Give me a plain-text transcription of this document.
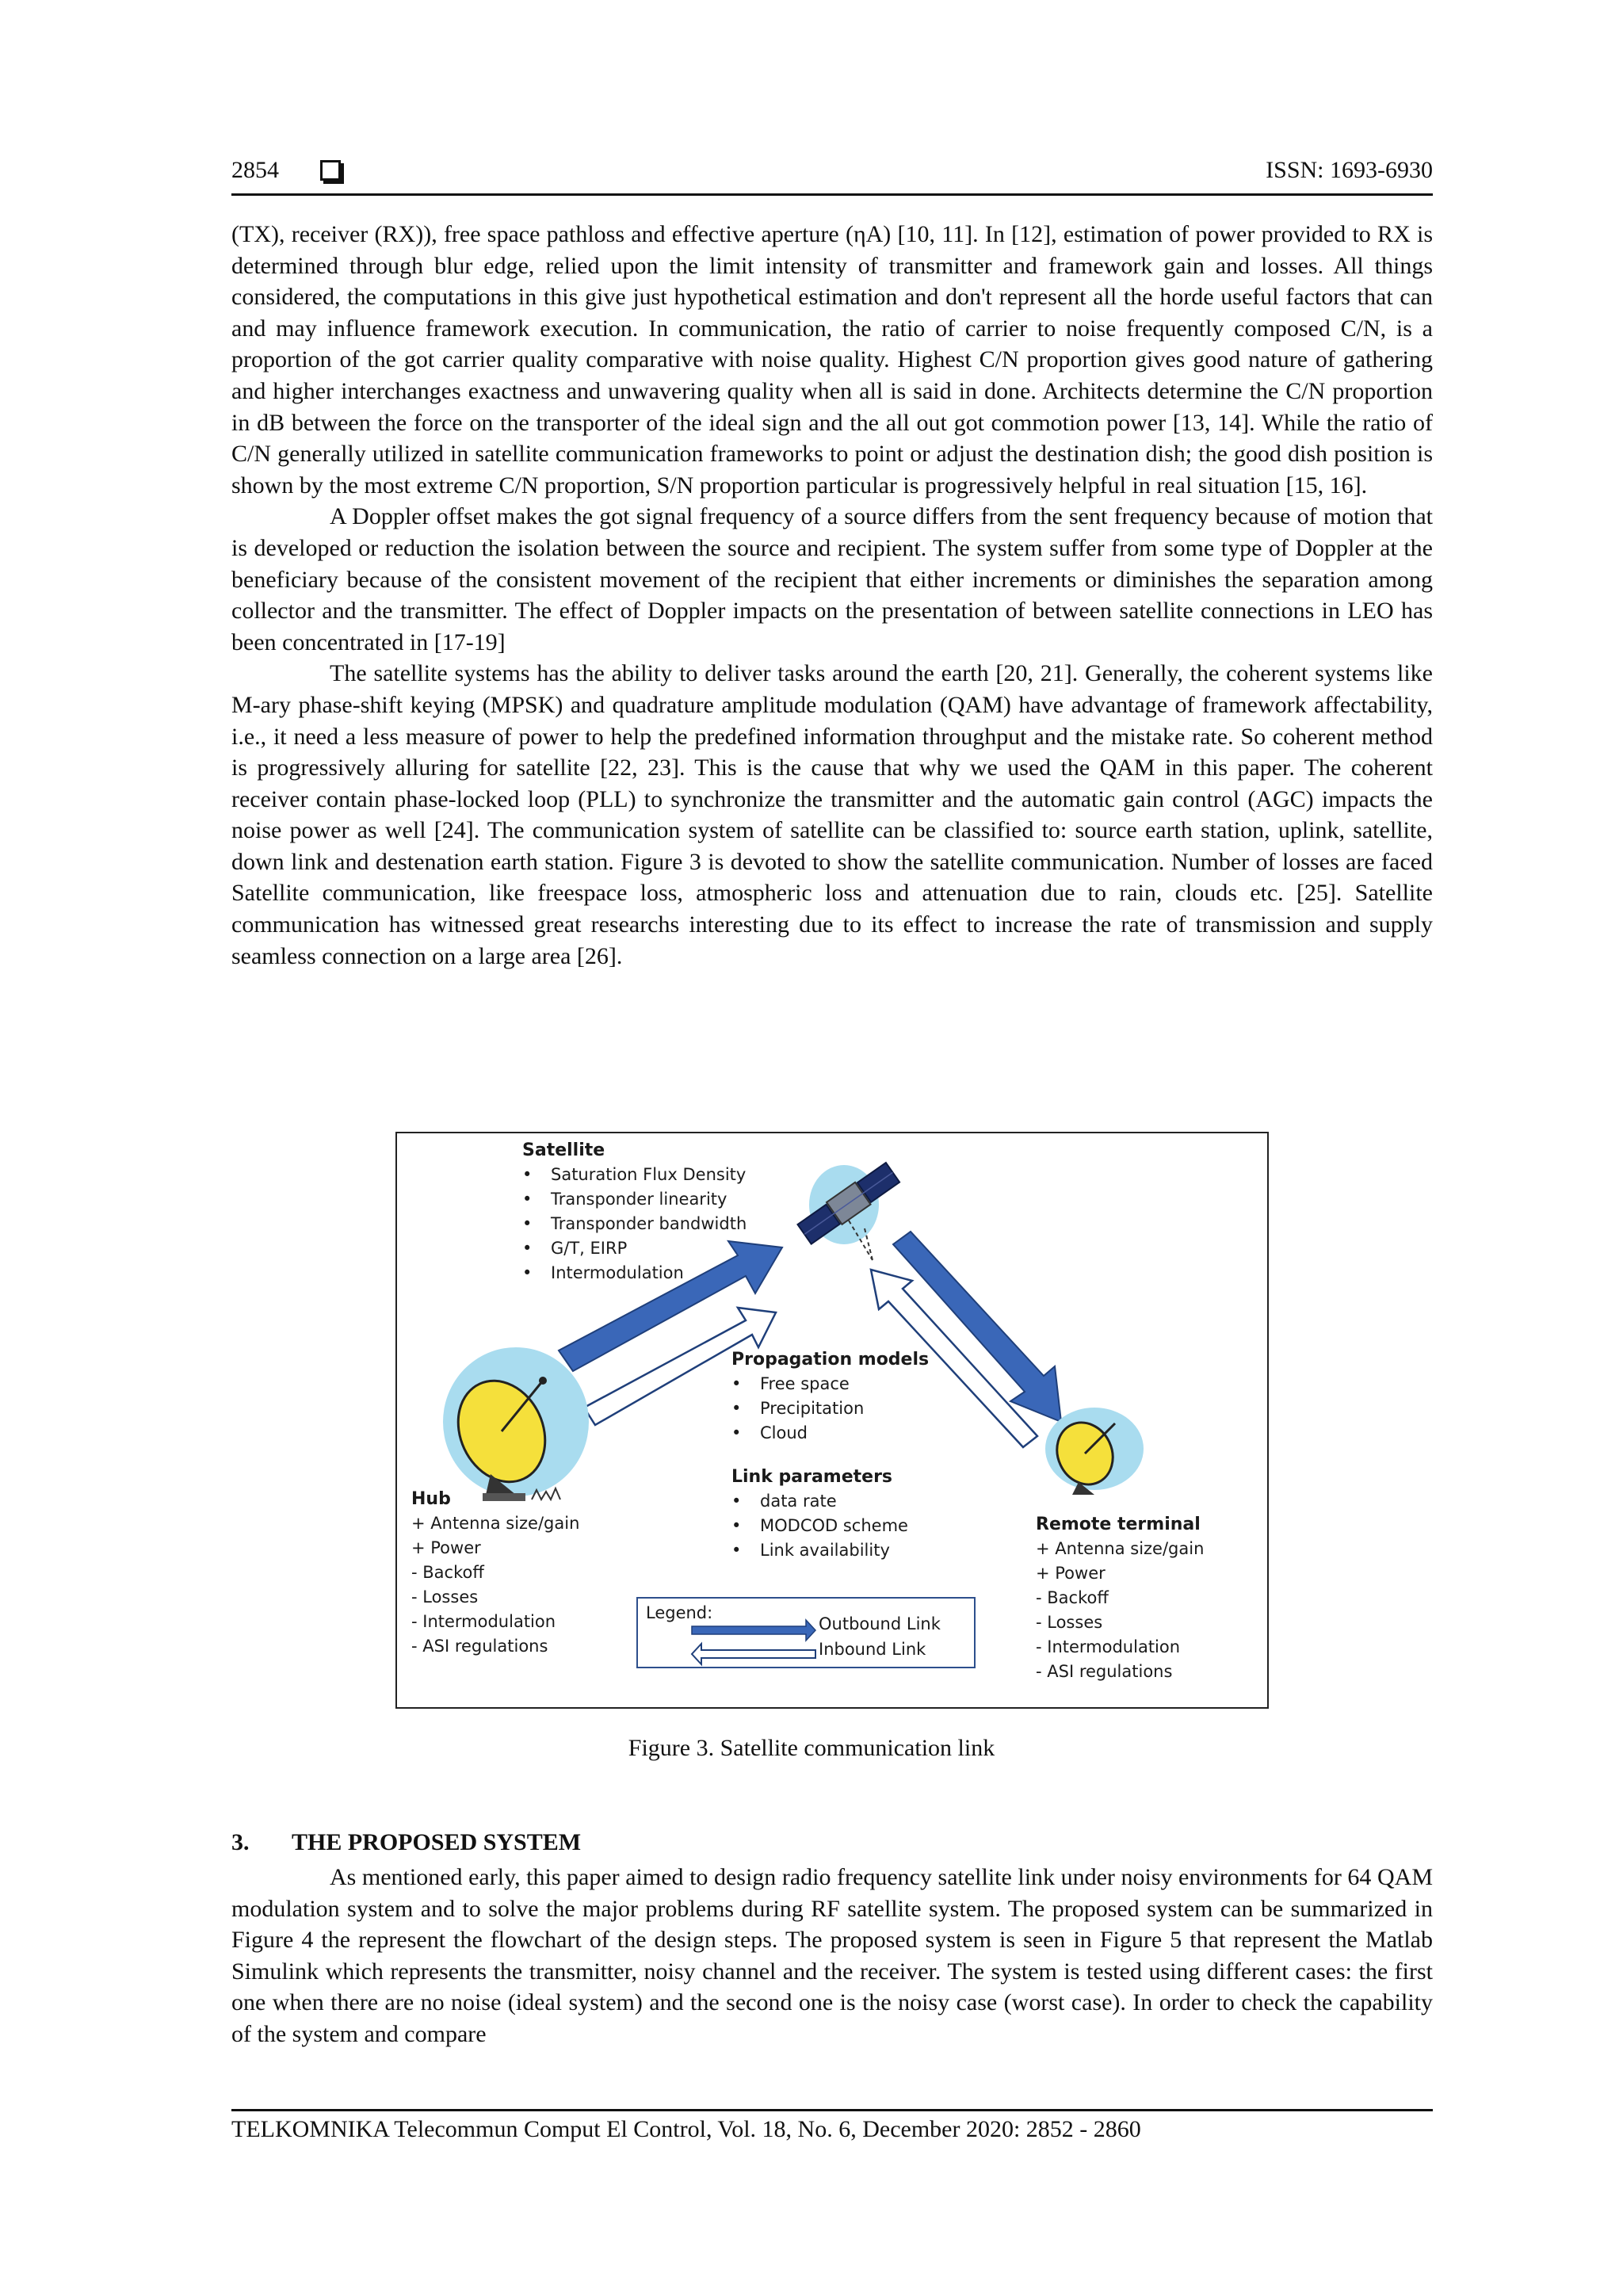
2854	ISSN: 1693-6930

(TX), receiver (RX)), free space pathloss and effective aperture (ηA) [10, 11]. In [12], estimation of power provided to RX is determined through blur edge, relied upon the limit intensity of transmitter and framework gain and losses. All things considered, the computations in this give just hypothetical estimation and don't represent all the horde useful factors that can and may influence framework execution. In communication, the ratio of carrier to noise frequently composed C/N, is a proportion of the got carrier quality comparative with noise quality. Highest C/N proportion gives good nature of gathering and higher interchanges exactness and unwavering quality when all is said in done. Architects determine the C/N proportion in dB between the force on the transporter of the ideal sign and the all out got commotion power [13, 14]. While the ratio of C/N generally utilized in satellite communication frameworks to point or adjust the destination dish; the good dish position is shown by the most extreme C/N proportion, S/N proportion particular is progressively helpful in real situation [15, 16].

A Doppler offset makes the got signal frequency of a source differs from the sent frequency because of motion that is developed or reduction the isolation between the source and recipient. The system suffer from some type of Doppler at the beneficiary because of the consistent movement of the recipient that either increments or diminishes the separation among collector and the transmitter. The effect of Doppler impacts on the presentation of between satellite connections in LEO has been concentrated in [17-19]

The satellite systems has the ability to deliver tasks around the earth [20, 21]. Generally, the coherent systems like M-ary phase-shift keying (MPSK) and quadrature amplitude modulation (QAM) have advantage of framework affectability, i.e., it need a less measure of power to help the predefined information throughput and the mistake rate. So coherent method is progressively alluring for satellite [22, 23]. This is the cause that why we used the QAM in this paper. The coherent receiver contain phase-locked loop (PLL) to synchronize the transmitter and the automatic gain control (AGC) impacts the noise power as well [24]. The communication system of satellite can be classified to: source earth station, uplink, satellite, down link and destenation earth station. Figure 3 is devoted to show the satellite communication. Number of losses are faced Satellite communication, like freespace loss, atmospheric loss and attenuation due to rain, clouds etc. [25]. Satellite communication has witnessed great researchs interesting due to its effect to increase the rate of transmission and supply seamless connection on a large area [26].

Satellite
• Saturation Flux Density
• Transponder linearity
• Transponder bandwidth
• G/T, EIRP
• Intermodulation
Propagation models
• Free space
• Precipitation
• Cloud
Link parameters
• data rate
• MODCOD scheme
• Link availability
Hub
+ Antenna size/gain
+ Power
- Backoff
- Losses
- Intermodulation
- ASI regulations
Remote terminal
+ Antenna size/gain
+ Power
- Backoff
- Losses
- Intermodulation
- ASI regulations
Legend:
Outbound Link
Inbound Link
Figure 3. Satellite communication link
3. THE PROPOSED SYSTEM

As mentioned early, this paper aimed to design radio frequency satellite link under noisy environments for 64 QAM modulation system and to solve the major problems during RF satellite system. The proposed system can be summarized in Figure 4 the represent the flowchart of the design steps. The proposed system is seen in Figure 5 that represent the Matlab Simulink which represents the transmitter, noisy channel and the receiver. The system is tested using different cases: the first one when there are no noise (ideal system) and the second one is the noisy case (worst case). In order to check the capability of the system and compare

TELKOMNIKA Telecommun Comput El Control, Vol. 18, No. 6, December 2020: 2852 - 2860
